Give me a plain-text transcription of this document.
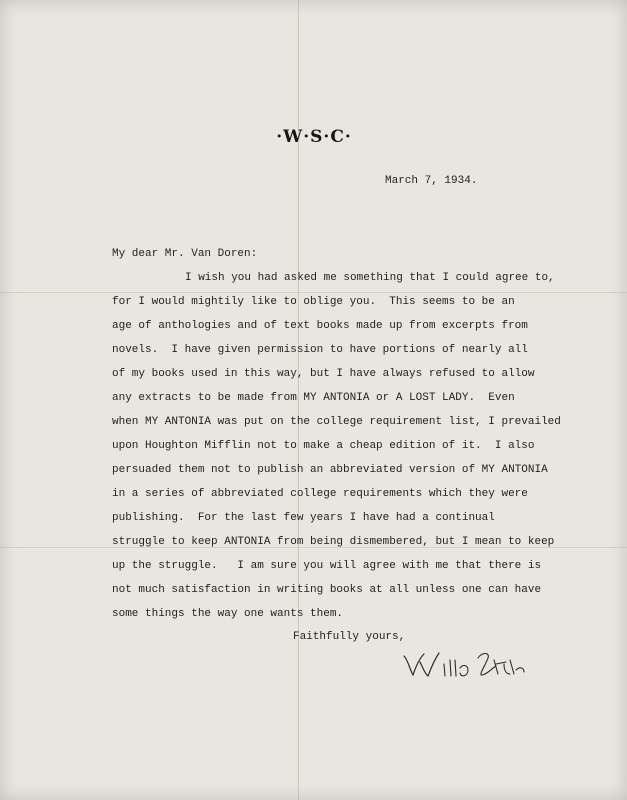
·W·S·C·
March 7, 1934.
My dear Mr. Van Doren:
I wish you had asked me something that I could agree to,
for I would mightily like to oblige you.  This seems to be an
age of anthologies and of text books made up from excerpts from
novels.  I have given permission to have portions of nearly all
of my books used in this way, but I have always refused to allow
any extracts to be made from MY ANTONIA or A LOST LADY.  Even
when MY ANTONIA was put on the college requirement list, I prevailed
upon Houghton Mifflin not to make a cheap edition of it.  I also
persuaded them not to publish an abbreviated version of MY ANTONIA
in a series of abbreviated college requirements which they were
publishing.  For the last few years I have had a continual
struggle to keep ANTONIA from being dismembered, but I mean to keep
up the struggle.   I am sure you will agree with me that there is
not much satisfaction in writing books at all unless one can have
some things the way one wants them.
Faithfully yours,
